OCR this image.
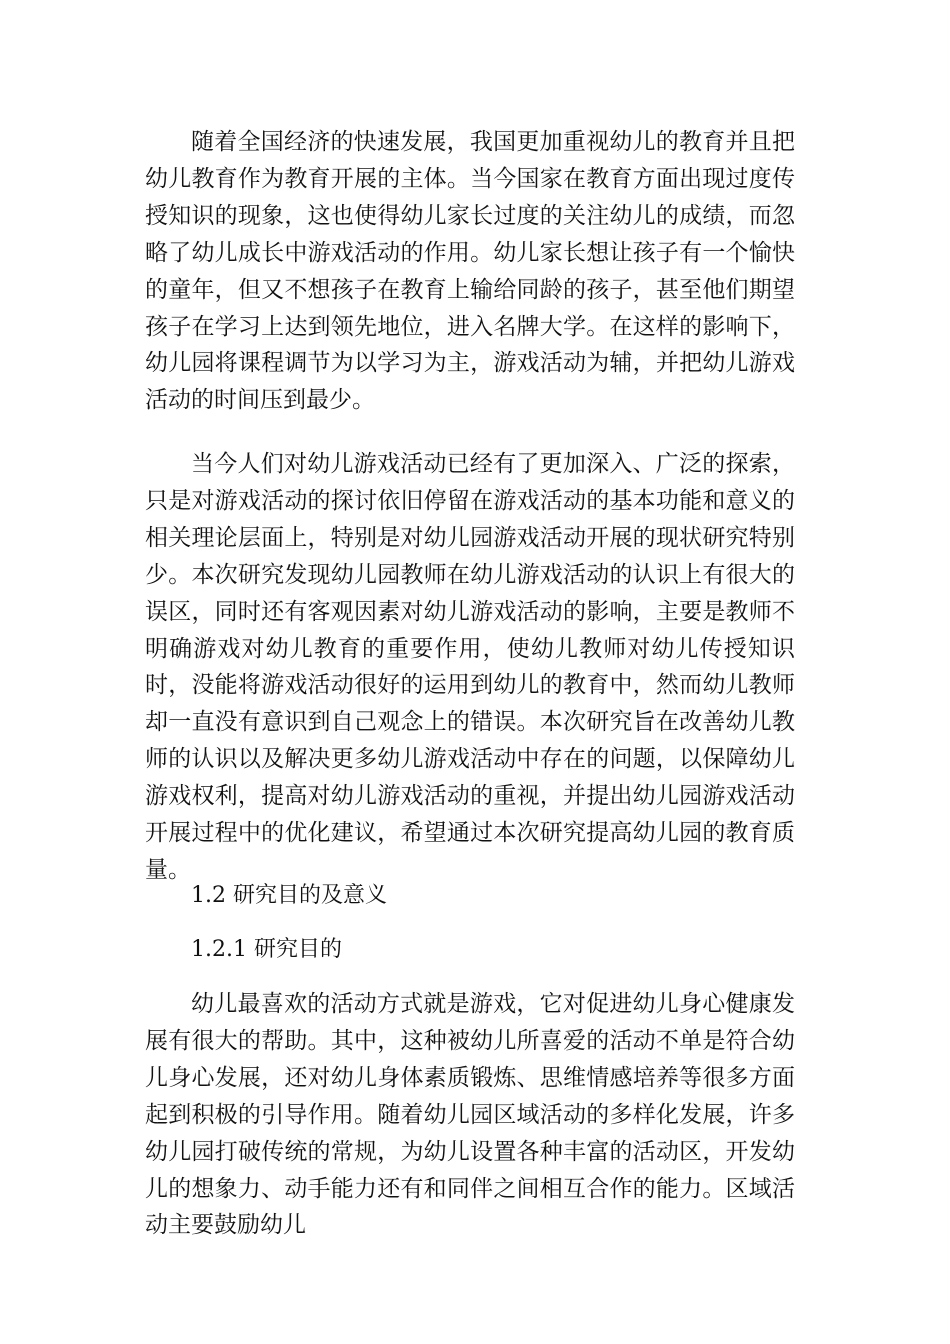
随着全国经济的快速发展，我国更加重视幼儿的教育并且把幼儿教育作为教育开展的主体。当今国家在教育方面出现过度传授知识的现象，这也使得幼儿家长过度的关注幼儿的成绩，而忽略了幼儿成长中游戏活动的作用。幼儿家长想让孩子有一个愉快的童年，但又不想孩子在教育上输给同龄的孩子，甚至他们期望孩子在学习上达到领先地位，进入名牌大学。在这样的影响下，幼儿园将课程调节为以学习为主，游戏活动为辅，并把幼儿游戏活动的时间压到最少。

当今人们对幼儿游戏活动已经有了更加深入、广泛的探索，只是对游戏活动的探讨依旧停留在游戏活动的基本功能和意义的相关理论层面上，特别是对幼儿园游戏活动开展的现状研究特别少。本次研究发现幼儿园教师在幼儿游戏活动的认识上有很大的误区，同时还有客观因素对幼儿游戏活动的影响，主要是教师不明确游戏对幼儿教育的重要作用，使幼儿教师对幼儿传授知识时，没能将游戏活动很好的运用到幼儿的教育中，然而幼儿教师却一直没有意识到自己观念上的错误。本次研究旨在改善幼儿教师的认识以及解决更多幼儿游戏活动中存在的问题，以保障幼儿游戏权利，提高对幼儿游戏活动的重视，并提出幼儿园游戏活动开展过程中的优化建议，希望通过本次研究提高幼儿园的教育质量。

1.2 研究目的及意义
1.2.1 研究目的

幼儿最喜欢的活动方式就是游戏，它对促进幼儿身心健康发展有很大的帮助。其中，这种被幼儿所喜爱的活动不单是符合幼儿身心发展，还对幼儿身体素质锻炼、思维情感培养等很多方面起到积极的引导作用。随着幼儿园区域活动的多样化发展，许多幼儿园打破传统的常规，为幼儿设置各种丰富的活动区，开发幼儿的想象力、动手能力还有和同伴之间相互合作的能力。区域活动主要鼓励幼儿
